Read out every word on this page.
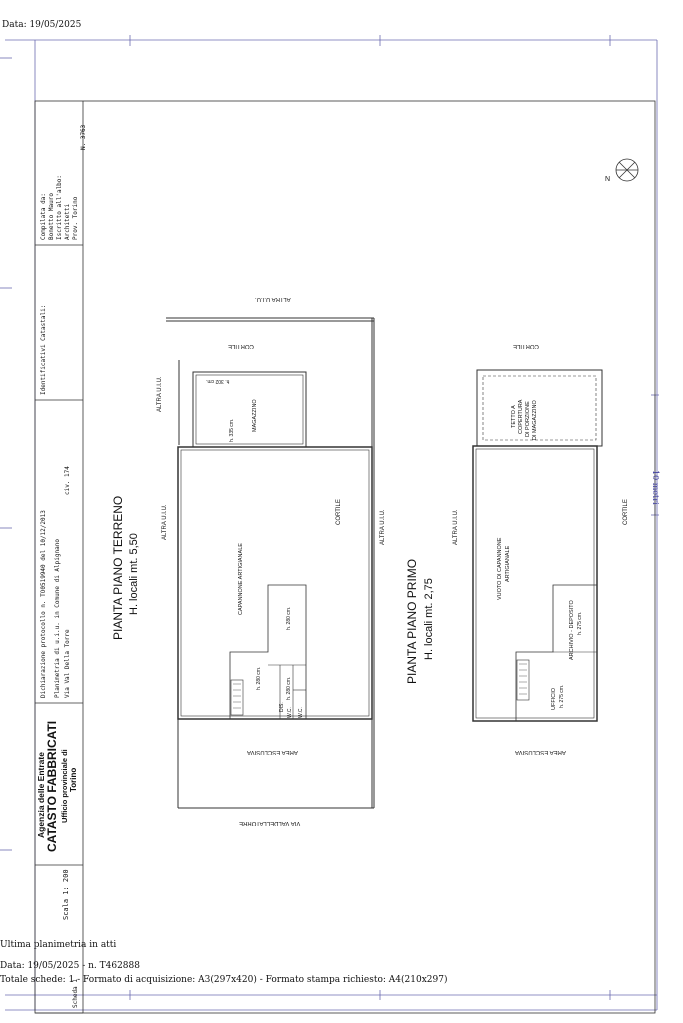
Data: 19/05/2025
Ultima planimetria in atti
Data: 19/05/2025 - n. T462888
Totale schede: 1 - Formato di acquisizione: A3(297x420) - Formato stampa richiesto: A4(210x297)
N
10 metri
N. 3763
Compilata da: Bonetto Mauro Iscritto all'albo: Architetti Prov. Torino
Identificativi Catastali:
Dichiarazione protocollo n. TO0519940 del 10/12/2013 Planimetria di u.i.u. in Comune di Alpignano Via Val Della Torre
civ. 174
Agenzia delle Entrate CATASTO FABBRICATI Ufficio provinciale di Torino
Scala 1: 200
Scheda 1
PIANTA PIANO TERRENO H. locali mt. 5,50
ALTRA U.I.U.
CORTILE
ALTRA U.I.U.
ALTRA U.I.U.	ALTRA U.I.U.
CORTILE
h. 302 cm.
h. 335 cm.	MAGAZZINO
CAPANNONE ARTIGIANALE
h. 280 cm.
h. 280 cm.	h. 280 cm.
DIS.
W.C. W.C.
AREA ESCLUSIVA
VIA VALDELLATORRE
PIANTA PIANO PRIMO H. locali mt. 2,75
CORTILE
TETTO A COPERTURA DI PORZIONE DI MAGAZZINO
ALTRA U.I.U.	CORTILE
VUOTO DI CAPANNONE ARTIGIANALE
ARCHIVIO - DEPOSITO h. 275 cm.
UFFICIO h. 275 cm.
AREA ESCLUSIVA
